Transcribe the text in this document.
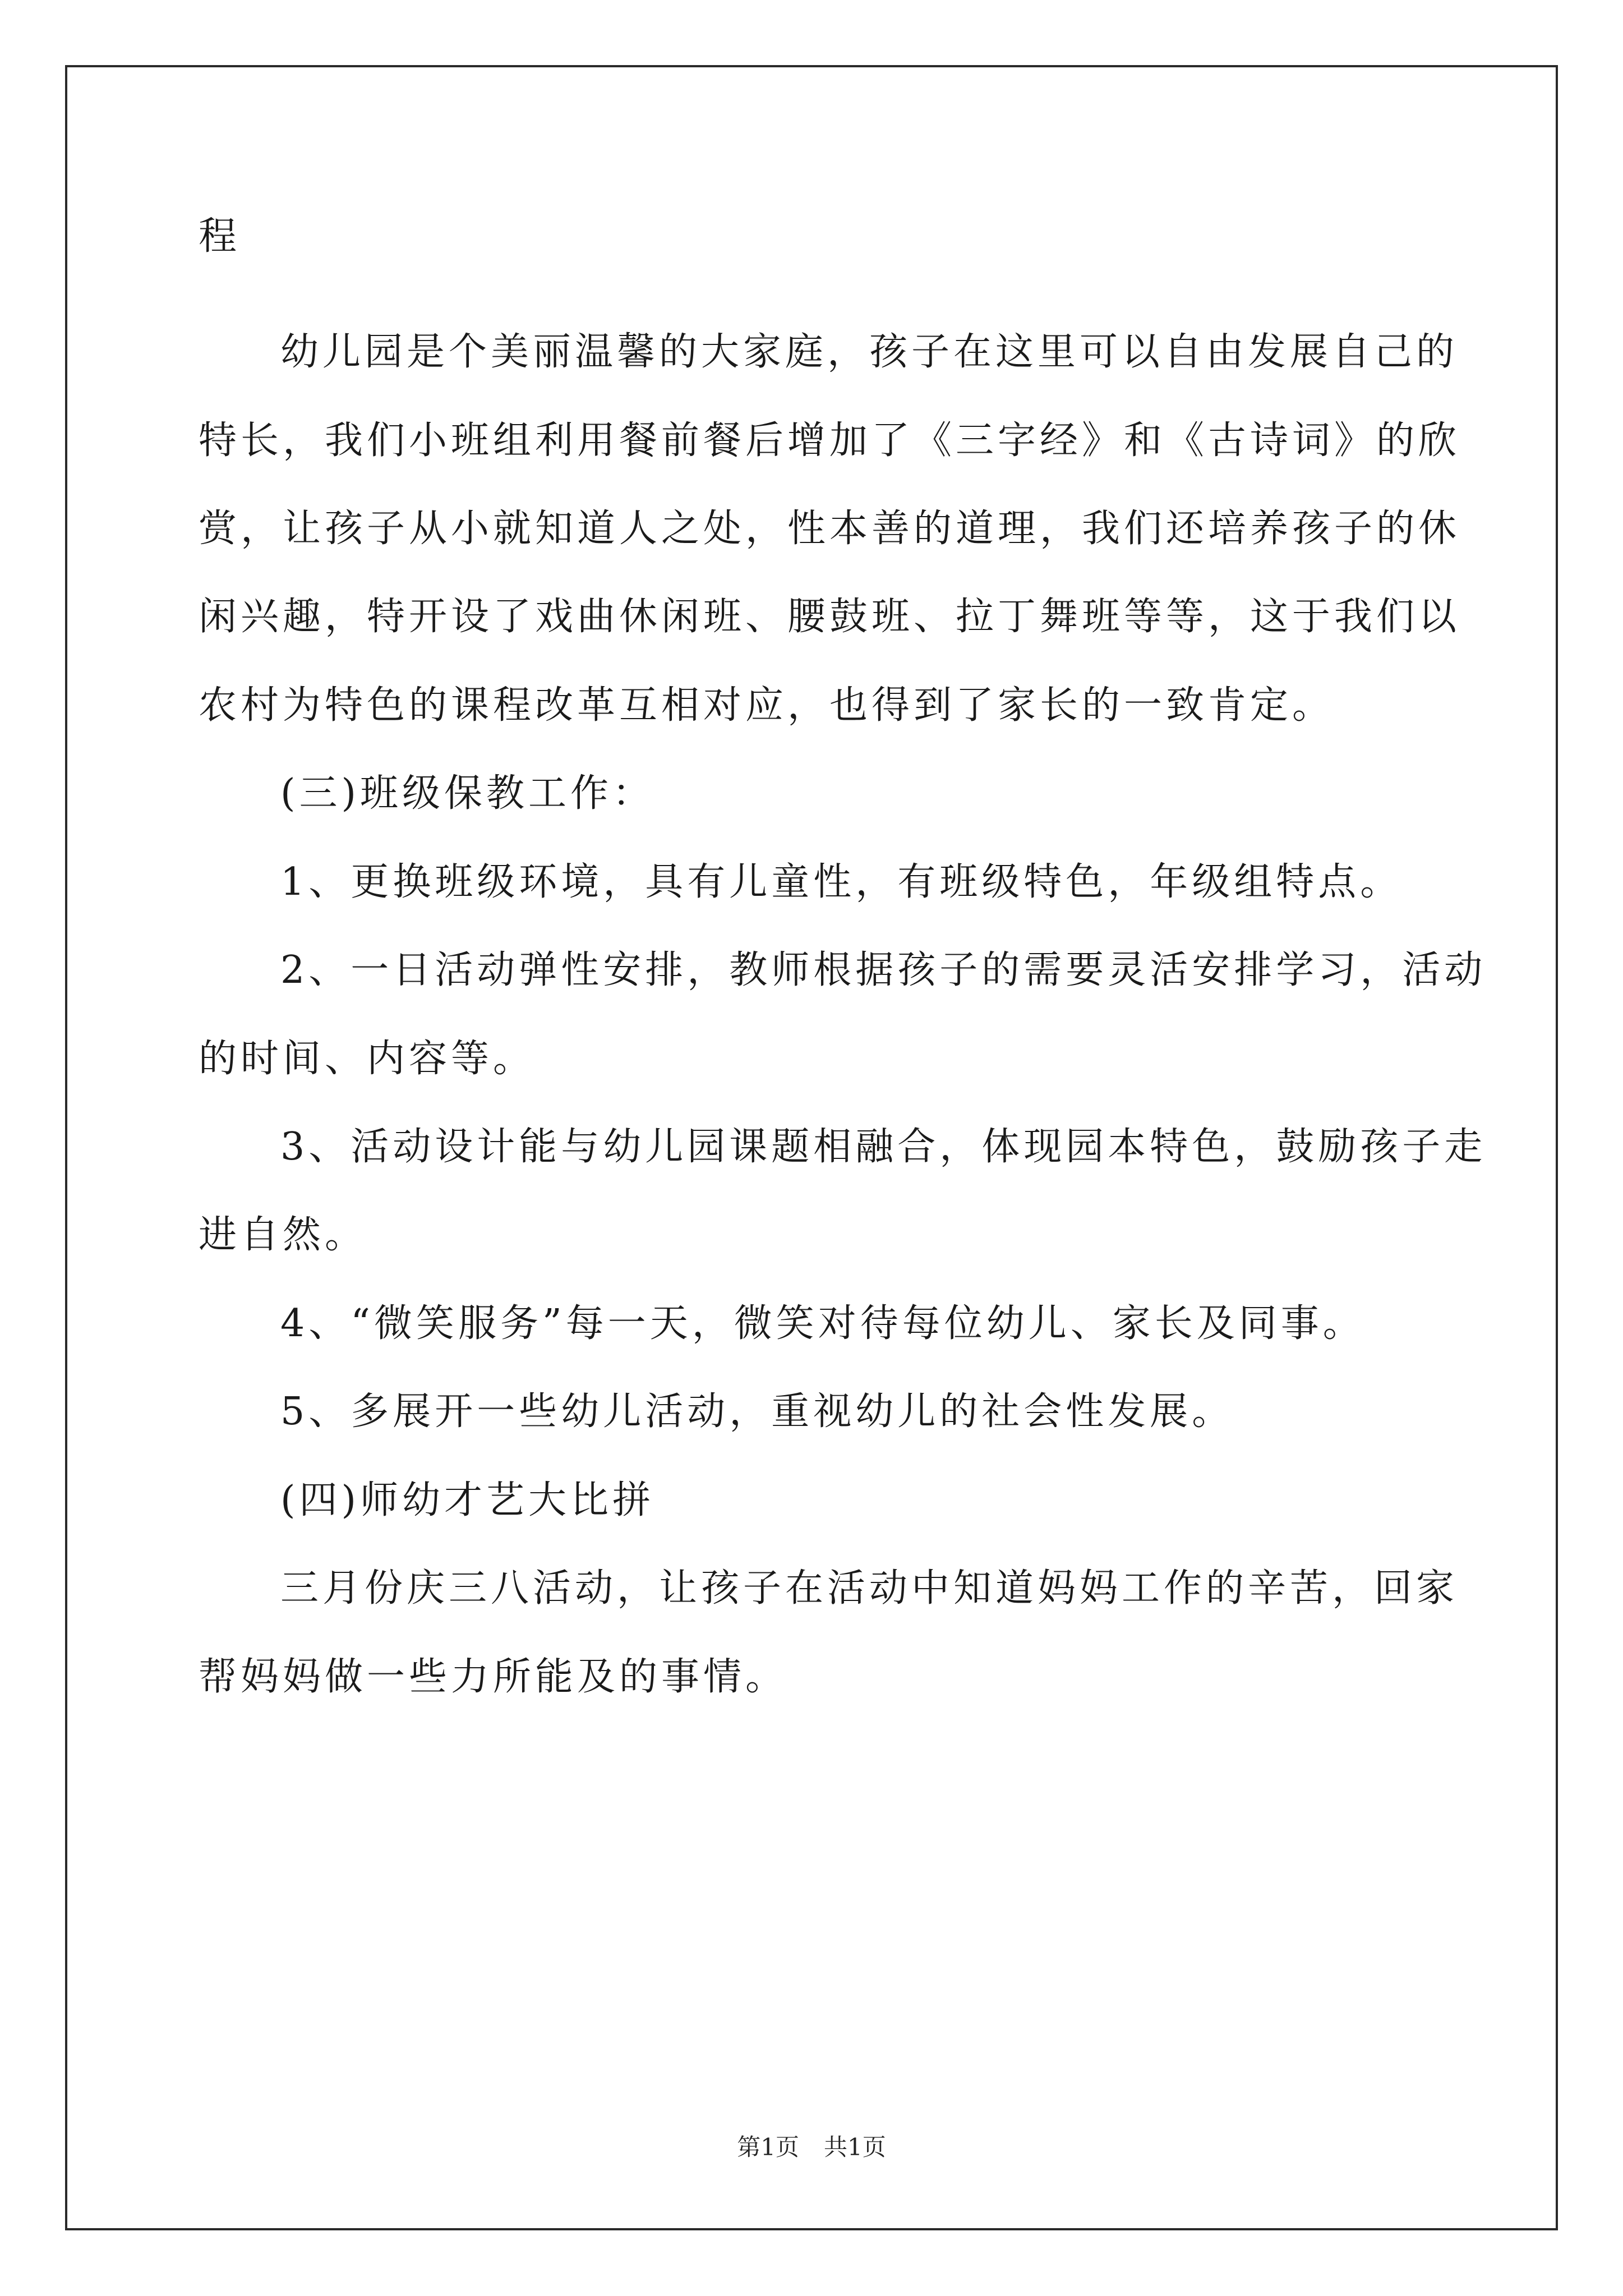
程
幼儿园是个美丽温馨的大家庭，孩子在这里可以自由发展自己的
特长，我们小班组利用餐前餐后增加了《三字经》和《古诗词》的欣
赏，让孩子从小就知道人之处，性本善的道理，我们还培养孩子的休
闲兴趣，特开设了戏曲休闲班、腰鼓班、拉丁舞班等等，这于我们以
农村为特色的课程改革互相对应，也得到了家长的一致肯定。
(三)班级保教工作：
1、更换班级环境，具有儿童性，有班级特色，年级组特点。
2、一日活动弹性安排，教师根据孩子的需要灵活安排学习，活动
的时间、内容等。
3、活动设计能与幼儿园课题相融合，体现园本特色，鼓励孩子走
进自然。
4、“微笑服务”每一天，微笑对待每位幼儿、家长及同事。
5、多展开一些幼儿活动，重视幼儿的社会性发展。
(四)师幼才艺大比拼
三月份庆三八活动，让孩子在活动中知道妈妈工作的辛苦，回家
帮妈妈做一些力所能及的事情。
第1页 共1页
